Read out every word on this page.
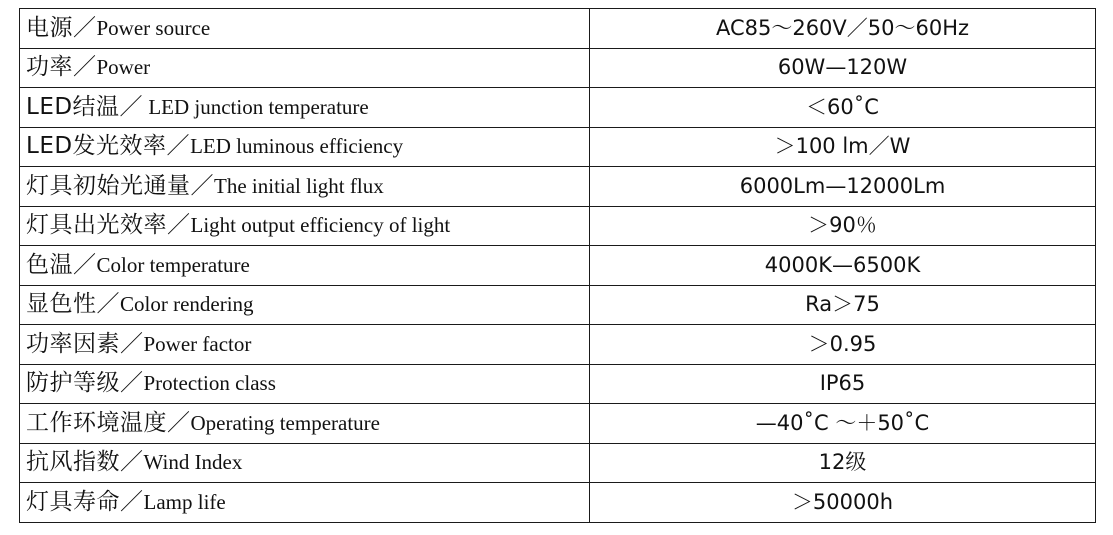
电源／Power source	AC85～260V／50～60Hz
功率／Power	60W—120W
LED结温／ LED junction temperature	＜60˚C
LED发光效率／LED luminous efficiency	＞100 lm／W
灯具初始光通量／The initial light flux	6000Lm—12000Lm
灯具出光效率／Light output efficiency of light	＞90％
色温／Color temperature	4000K—6500K
显色性／Color rendering	Ra＞75
功率因素／Power factor	＞0.95
防护等级／Protection class	IP65
工作环境温度／Operating temperature	—40˚C ～＋50˚C
抗风指数／Wind Index	12级
灯具寿命／Lamp life	＞50000h
